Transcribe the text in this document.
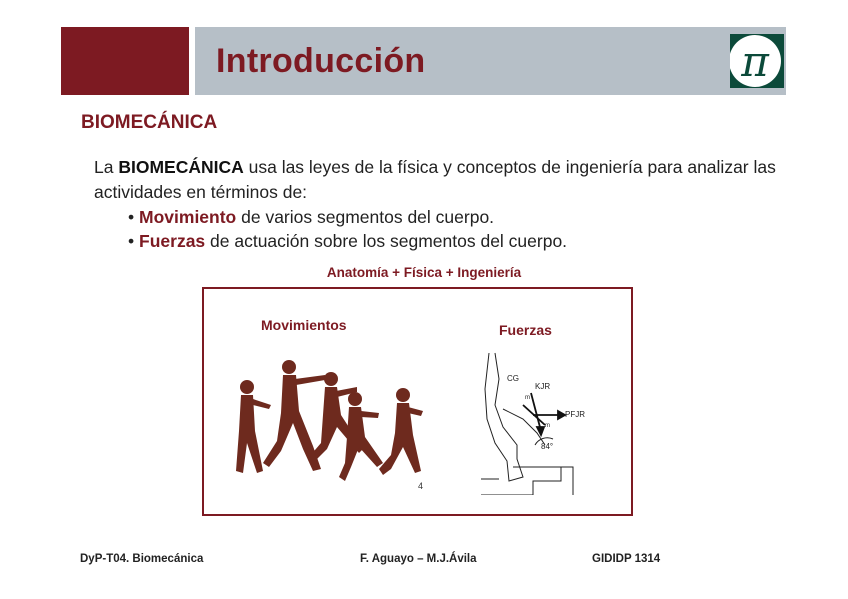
Introducción	π
BIOMECÁNICA
La BIOMECÁNICA usa las leyes de la física y conceptos de ingeniería para analizar las actividades en términos de:
• Movimiento de varios segmentos del cuerpo.
• Fuerzas de actuación sobre los segmentos del cuerpo.
Anatomía + Física + Ingeniería
Movimientos	Fuerzas
4
CG
KJR
PFJR
m
m
84°
DyP-T04. Biomecánica	F. Aguayo – M.J.Ávila	GIDIDP 1314
